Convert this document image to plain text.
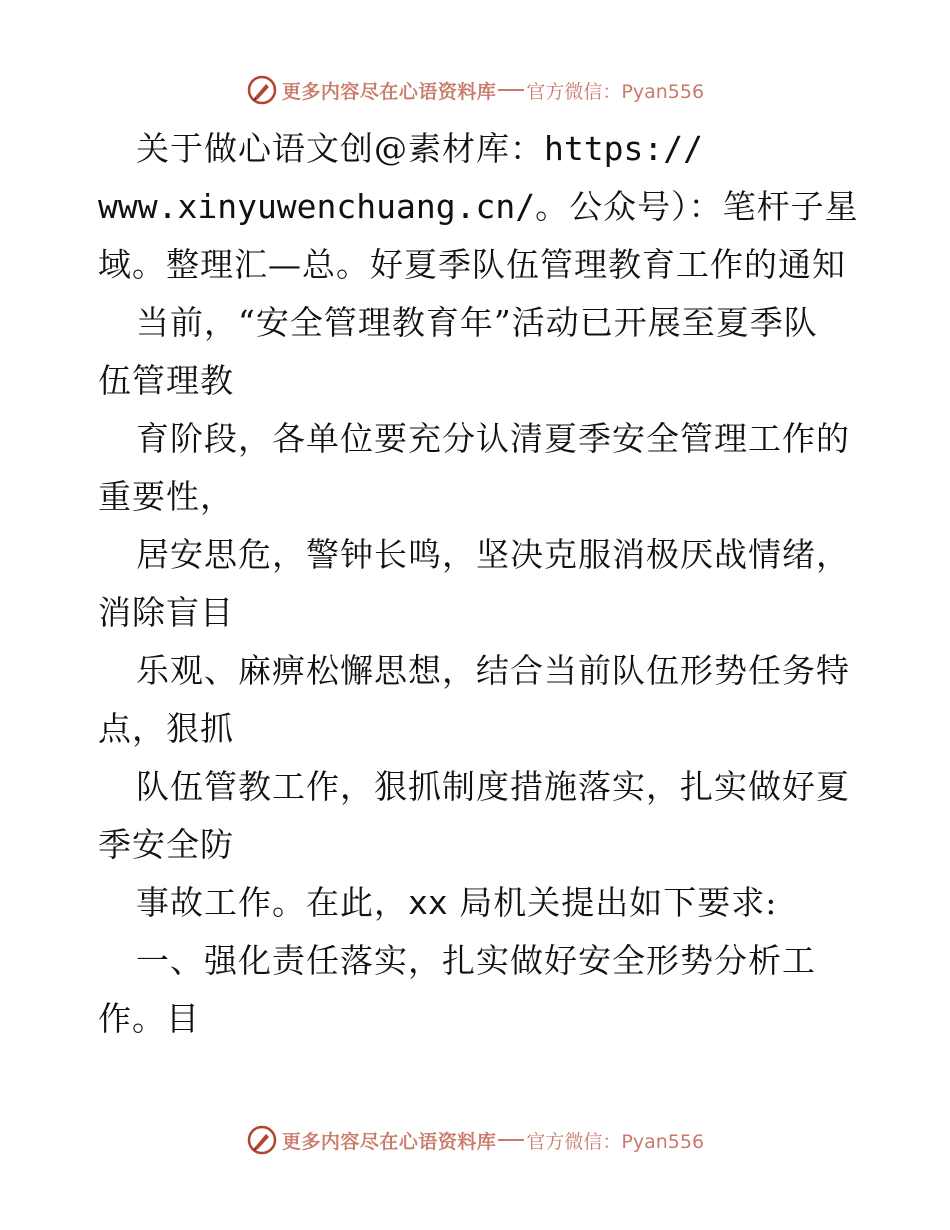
更多内容尽在心语资料库 官方微信：Pyan556
关于做心语文创@素材库：https://
www.xinyuwenchuang.cn/。公众号）：笔杆子星
域。整理汇—总。好夏季队伍管理教育工作的通知
当前，“安全管理教育年”活动已开展至夏季队
伍管理教
育阶段，各单位要充分认清夏季安全管理工作的
重要性，
居安思危，警钟长鸣，坚决克服消极厌战情绪，
消除盲目
乐观、麻痹松懈思想，结合当前队伍形势任务特
点，狠抓
队伍管教工作，狠抓制度措施落实，扎实做好夏
季安全防
事故工作。在此，xx 局机关提出如下要求:
一、强化责任落实，扎实做好安全形势分析工
作。目
更多内容尽在心语资料库 官方微信：Pyan556
